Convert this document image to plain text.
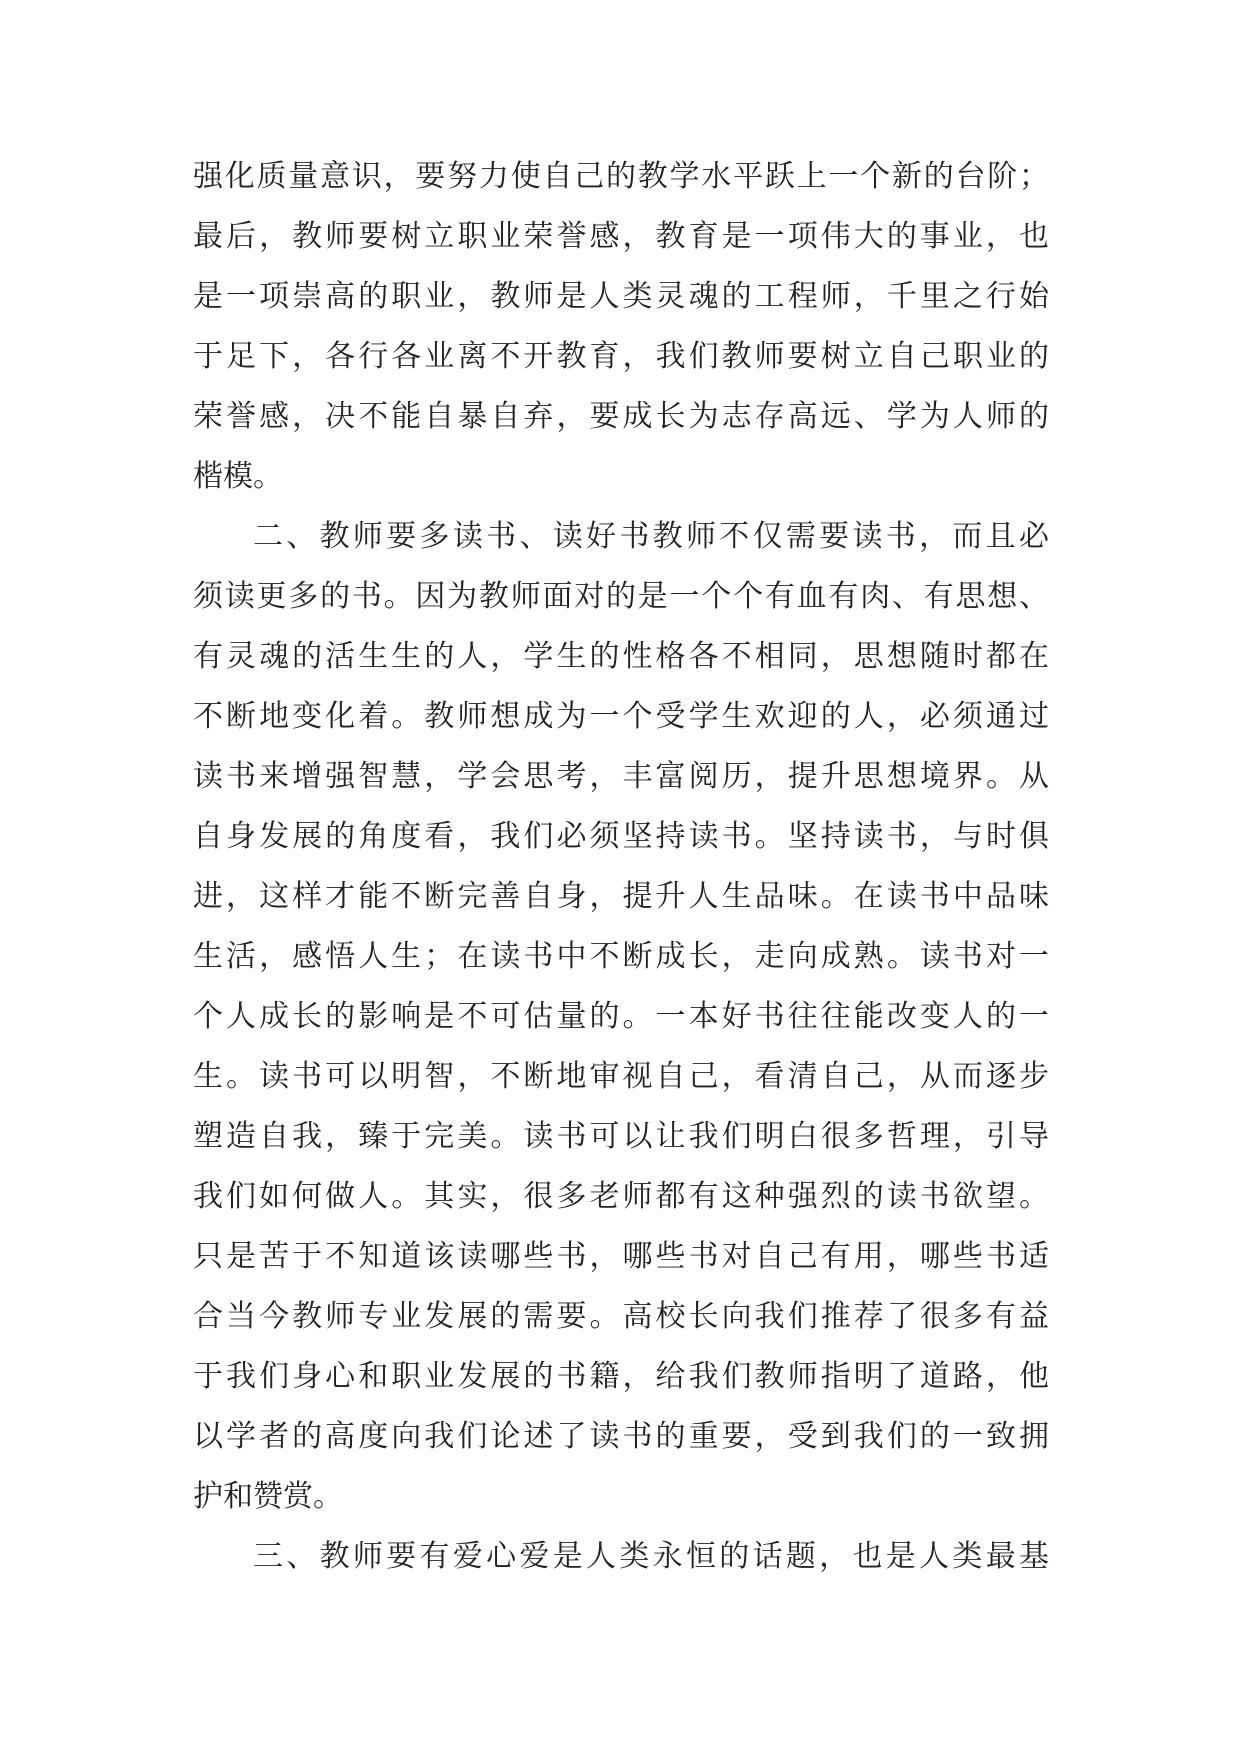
强化质量意识，要努力使自己的教学水平跃上一个新的台阶；
最后，教师要树立职业荣誉感，教育是一项伟大的事业，也
是一项崇高的职业，教师是人类灵魂的工程师，千里之行始
于足下，各行各业离不开教育，我们教师要树立自己职业的
荣誉感，决不能自暴自弃，要成长为志存高远、学为人师的
楷模。
二、教师要多读书、读好书教师不仅需要读书，而且必
须读更多的书。因为教师面对的是一个个有血有肉、有思想、
有灵魂的活生生的人，学生的性格各不相同，思想随时都在
不断地变化着。教师想成为一个受学生欢迎的人，必须通过
读书来增强智慧，学会思考，丰富阅历，提升思想境界。从
自身发展的角度看，我们必须坚持读书。坚持读书，与时俱
进，这样才能不断完善自身，提升人生品味。在读书中品味
生活，感悟人生；在读书中不断成长，走向成熟。读书对一
个人成长的影响是不可估量的。一本好书往往能改变人的一
生。读书可以明智，不断地审视自己，看清自己，从而逐步
塑造自我，臻于完美。读书可以让我们明白很多哲理，引导
我们如何做人。其实，很多老师都有这种强烈的读书欲望。
只是苦于不知道该读哪些书，哪些书对自己有用，哪些书适
合当今教师专业发展的需要。高校长向我们推荐了很多有益
于我们身心和职业发展的书籍，给我们教师指明了道路，他
以学者的高度向我们论述了读书的重要，受到我们的一致拥
护和赞赏。
三、教师要有爱心爱是人类永恒的话题，也是人类最基
